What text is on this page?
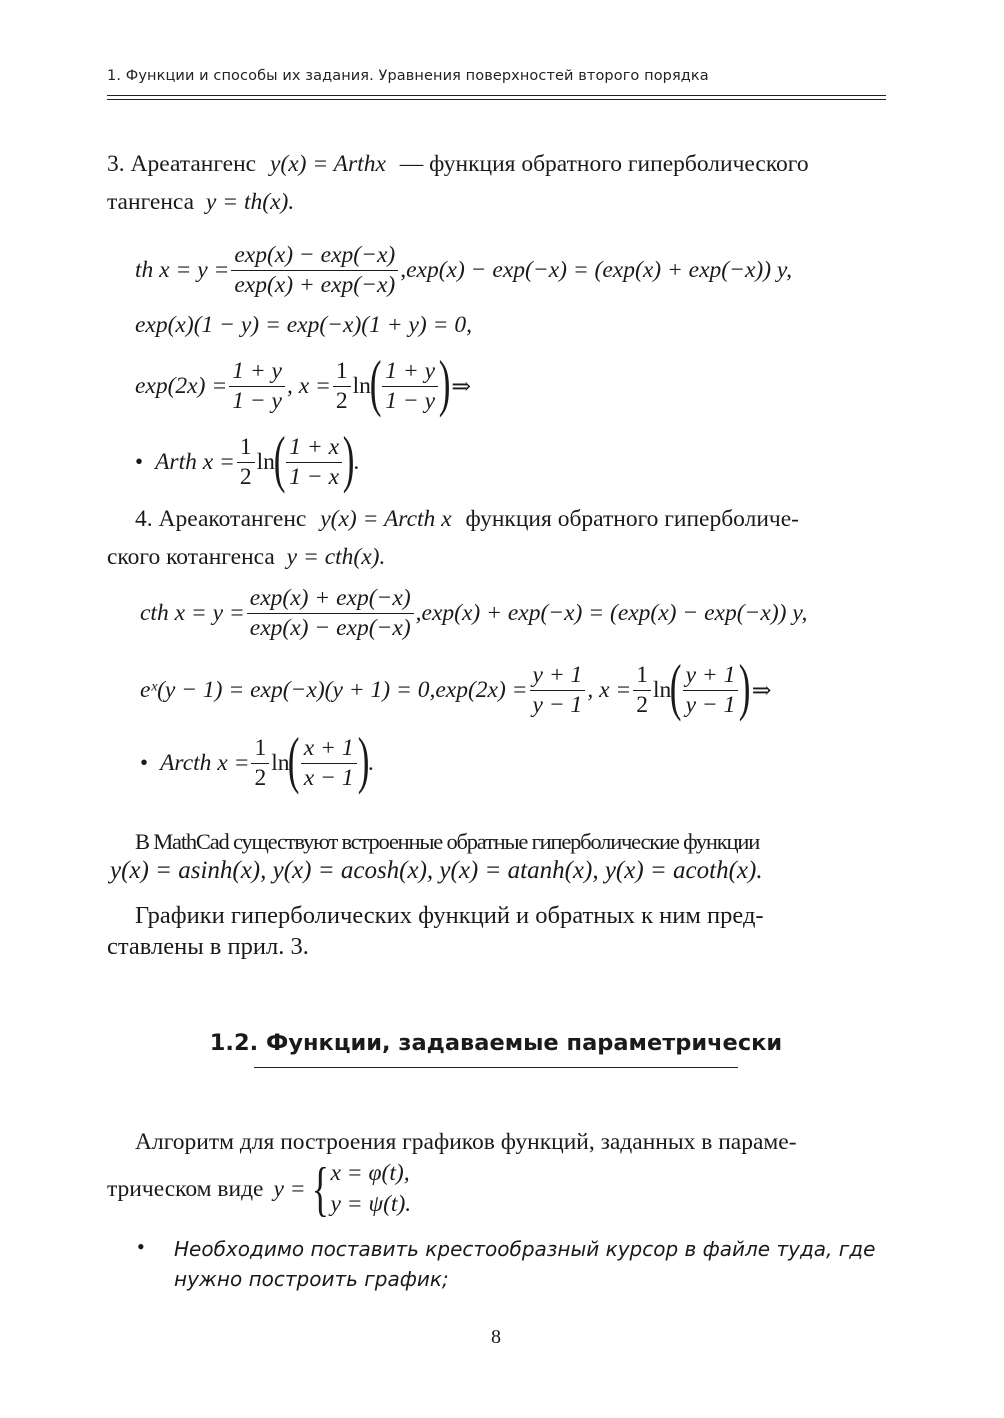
1. Функции и способы их задания. Уравнения поверхностей второго порядка
3. Ареатангенс y(x) = Arthx — функция обратного гиперболического
тангенса y = th(x).
th $x = y = \frac{\exp(x) - \exp(-x)}{\exp(x) + \exp(-x)} ,\exp(x) - \exp(-x) = (\exp(x) + \exp(-x))$ y,
exp(x)(1 − y) = exp(−x)(1 + y) = 0,
$\exp(2x) = \frac{1 + y}{1 - y}$ , $x = \frac{1}{2}$ ln
( $\frac{1 + y}{1 - y}$ ) ⇒
• Arth $x = \frac{1}{2}$ ln
( $\frac{1 + x}{1 - x}$ )
.
4. Ареакотангенс y(x) = Arcth x функция обратного гиперболиче-
ского котангенса y = cth(x).
cth $x = y = \frac{\exp(x) + \exp(-x)}{\exp(x) - \exp(-x)} ,\exp(x) + \exp(-x) = (\exp(x) - \exp(-x))$ y,
eˣ(y − $1) = \exp(-x)(y + 1) = 0,\exp(2x) = \frac{y + 1}{y - 1}$ , $x = \frac{1}{2}$ ln
( $\frac{y + 1}{y - 1}$ ) ⇒
• Arcth $x = \frac{1}{2}$ ln
( $\frac{x + 1}{x - 1}$ )
.
В MathCad существуют встроенные обратные гиперболические функции
y(x) = asinh(x), y(x) = acosh(x), y(x) = atanh(x), y(x) = acoth(x).
Графики гиперболических функций и обратных к ним пред-
ставлены в прил. 3.
1.2. Функции, задаваемые параметрически
Алгоритм для построения графиков функций, заданных в параме-
трическом виде y = { x = φ(t),
y = ψ(t).
• Необходимо поставить крестообразный курсор в файле туда, где
нужно построить график;
8
